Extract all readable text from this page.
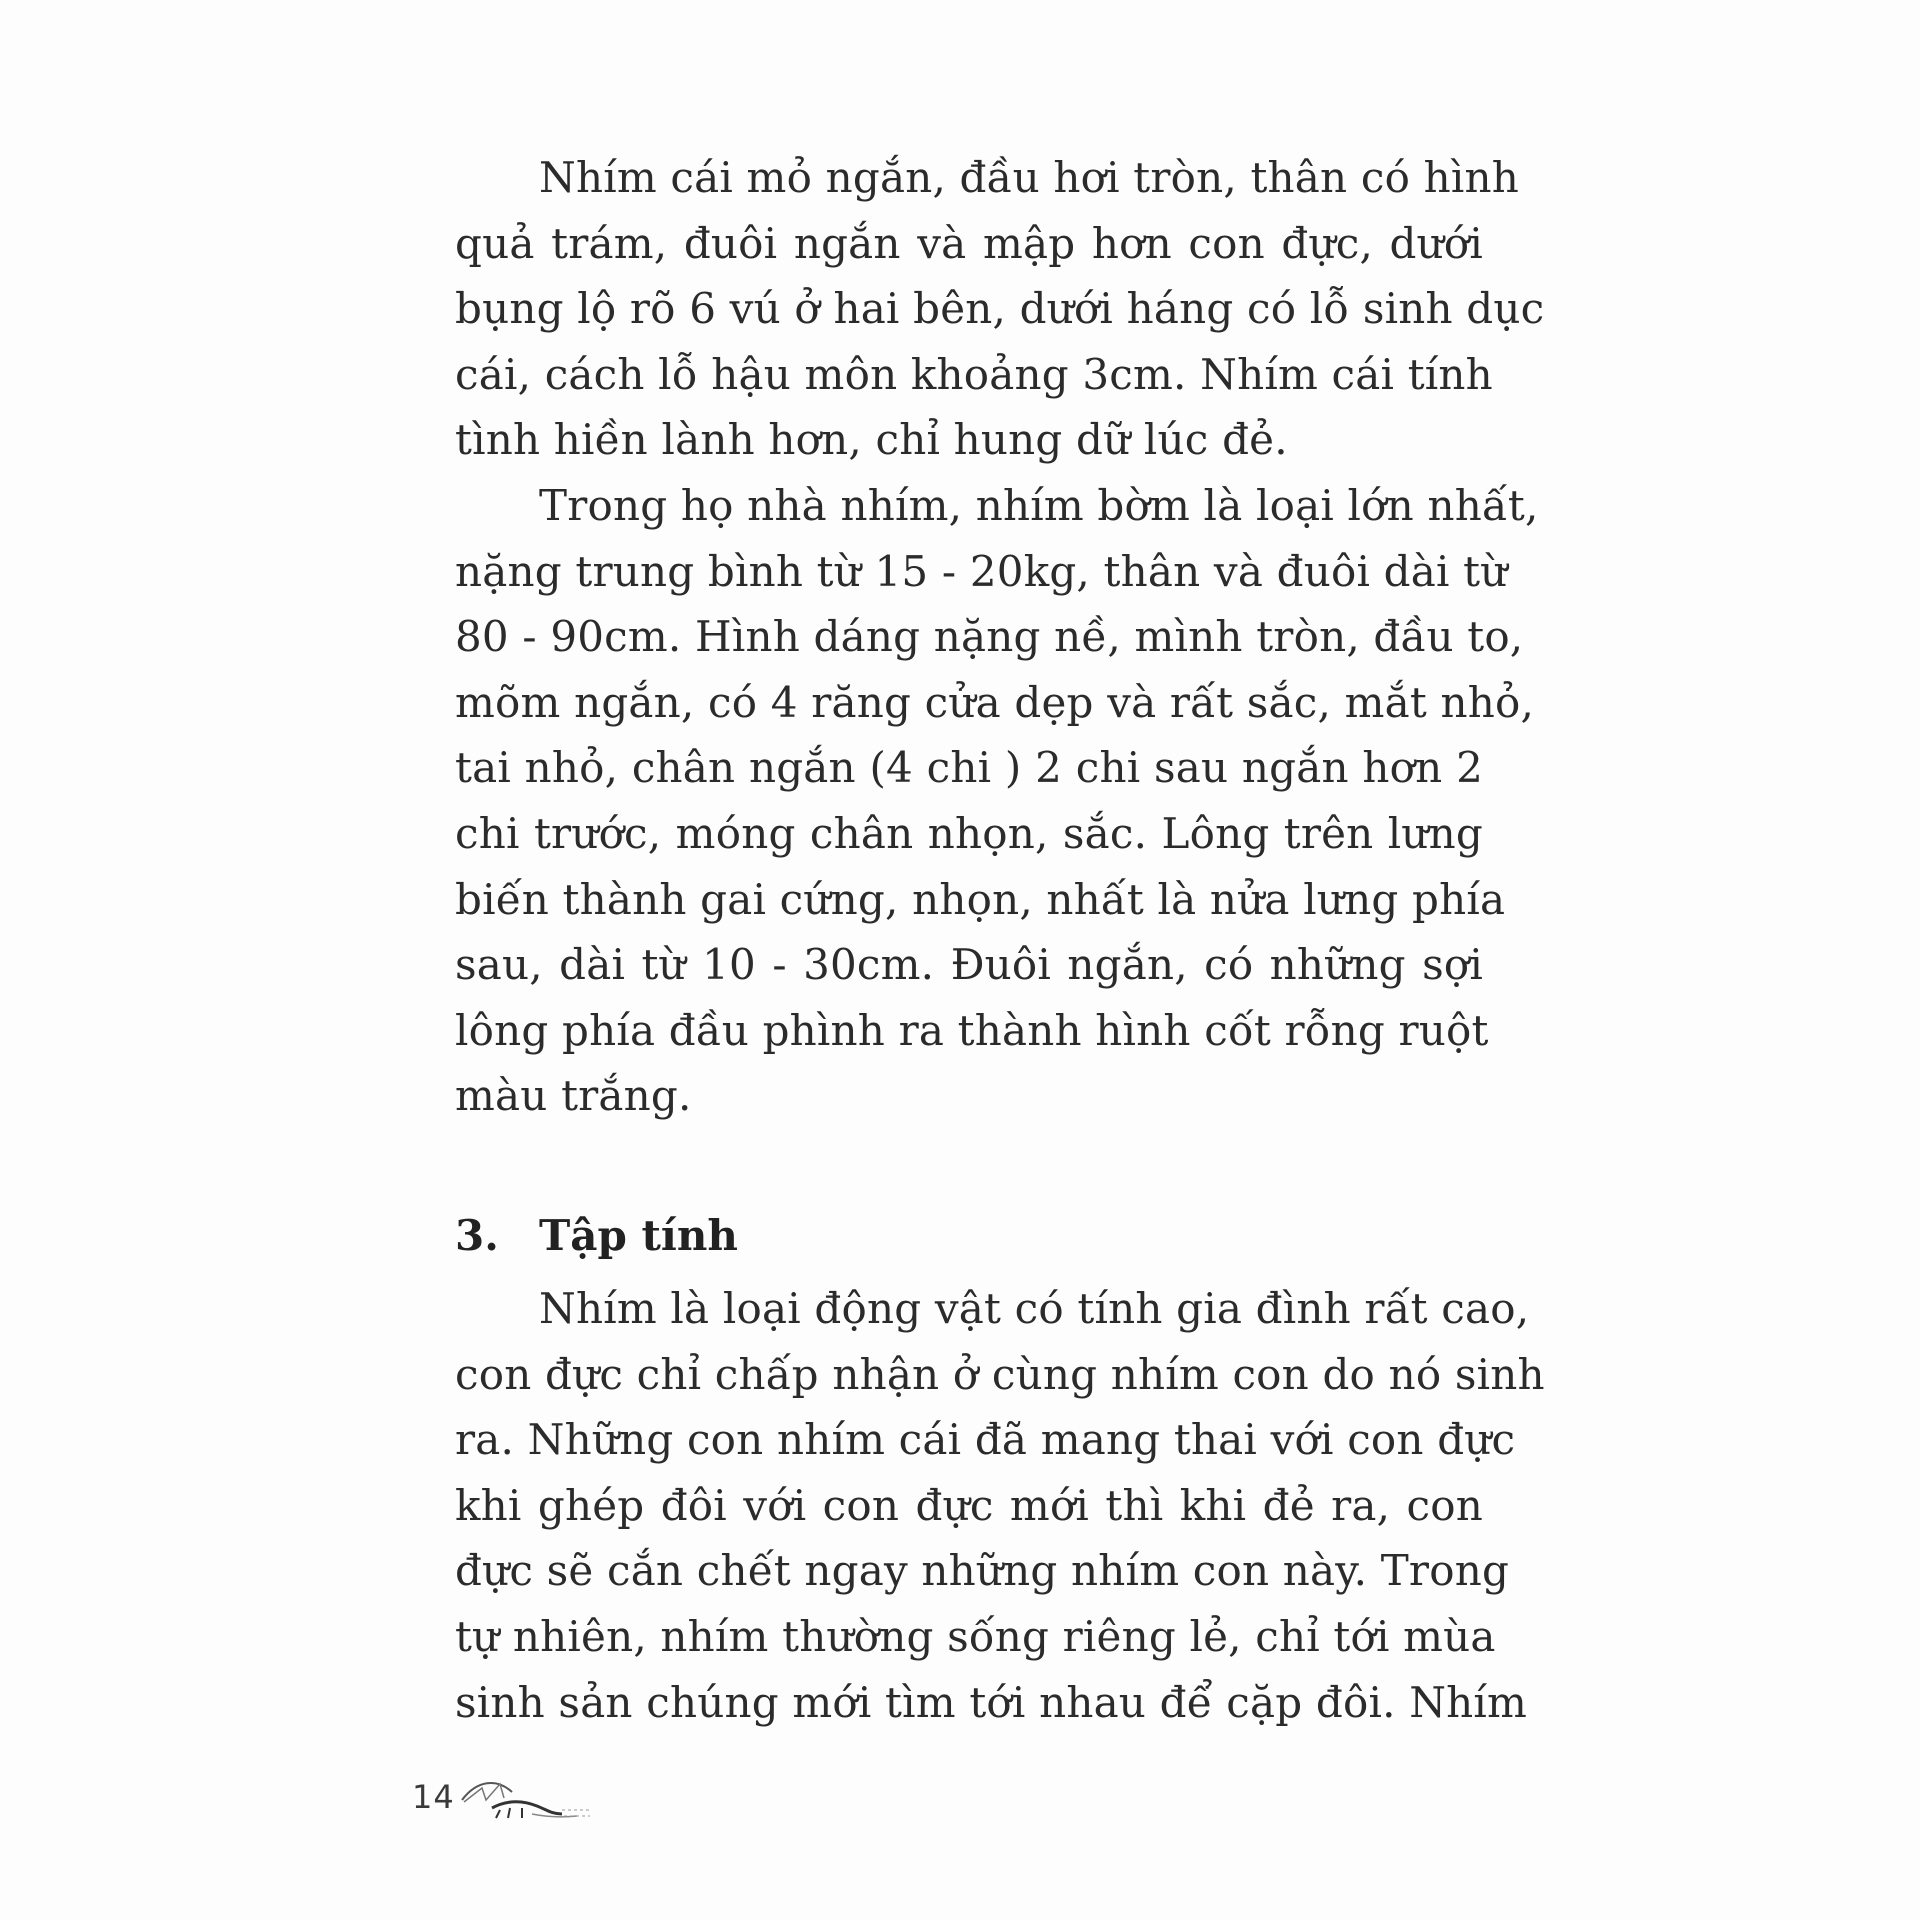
Nhím cái mỏ ngắn, đầu hơi tròn, thân có hình
quả trám, đuôi ngắn và mập hơn con đực, dưới
bụng lộ rõ 6 vú ở hai bên, dưới háng có lỗ sinh dục
cái, cách lỗ hậu môn khoảng 3cm. Nhím cái tính
tình hiền lành hơn, chỉ hung dữ lúc đẻ.
Trong họ nhà nhím, nhím bờm là loại lớn nhất,
nặng trung bình từ 15 - 20kg, thân và đuôi dài từ
80 - 90cm. Hình dáng nặng nề, mình tròn, đầu to,
mõm ngắn, có 4 răng cửa dẹp và rất sắc, mắt nhỏ,
tai nhỏ, chân ngắn (4 chi ) 2 chi sau ngắn hơn 2
chi trước, móng chân nhọn, sắc. Lông trên lưng
biến thành gai cứng, nhọn, nhất là nửa lưng phía
sau, dài từ 10 - 30cm. Đuôi ngắn, có những sợi
lông phía đầu phình ra thành hình cốt rỗng ruột
màu trắng.
3. Tập tính
Nhím là loại động vật có tính gia đình rất cao,
con đực chỉ chấp nhận ở cùng nhím con do nó sinh
ra. Những con nhím cái đã mang thai với con đực
khi ghép đôi với con đực mới thì khi đẻ ra, con
đực sẽ cắn chết ngay những nhím con này. Trong
tự nhiên, nhím thường sống riêng lẻ, chỉ tới mùa
sinh sản chúng mới tìm tới nhau để cặp đôi. Nhím
14
